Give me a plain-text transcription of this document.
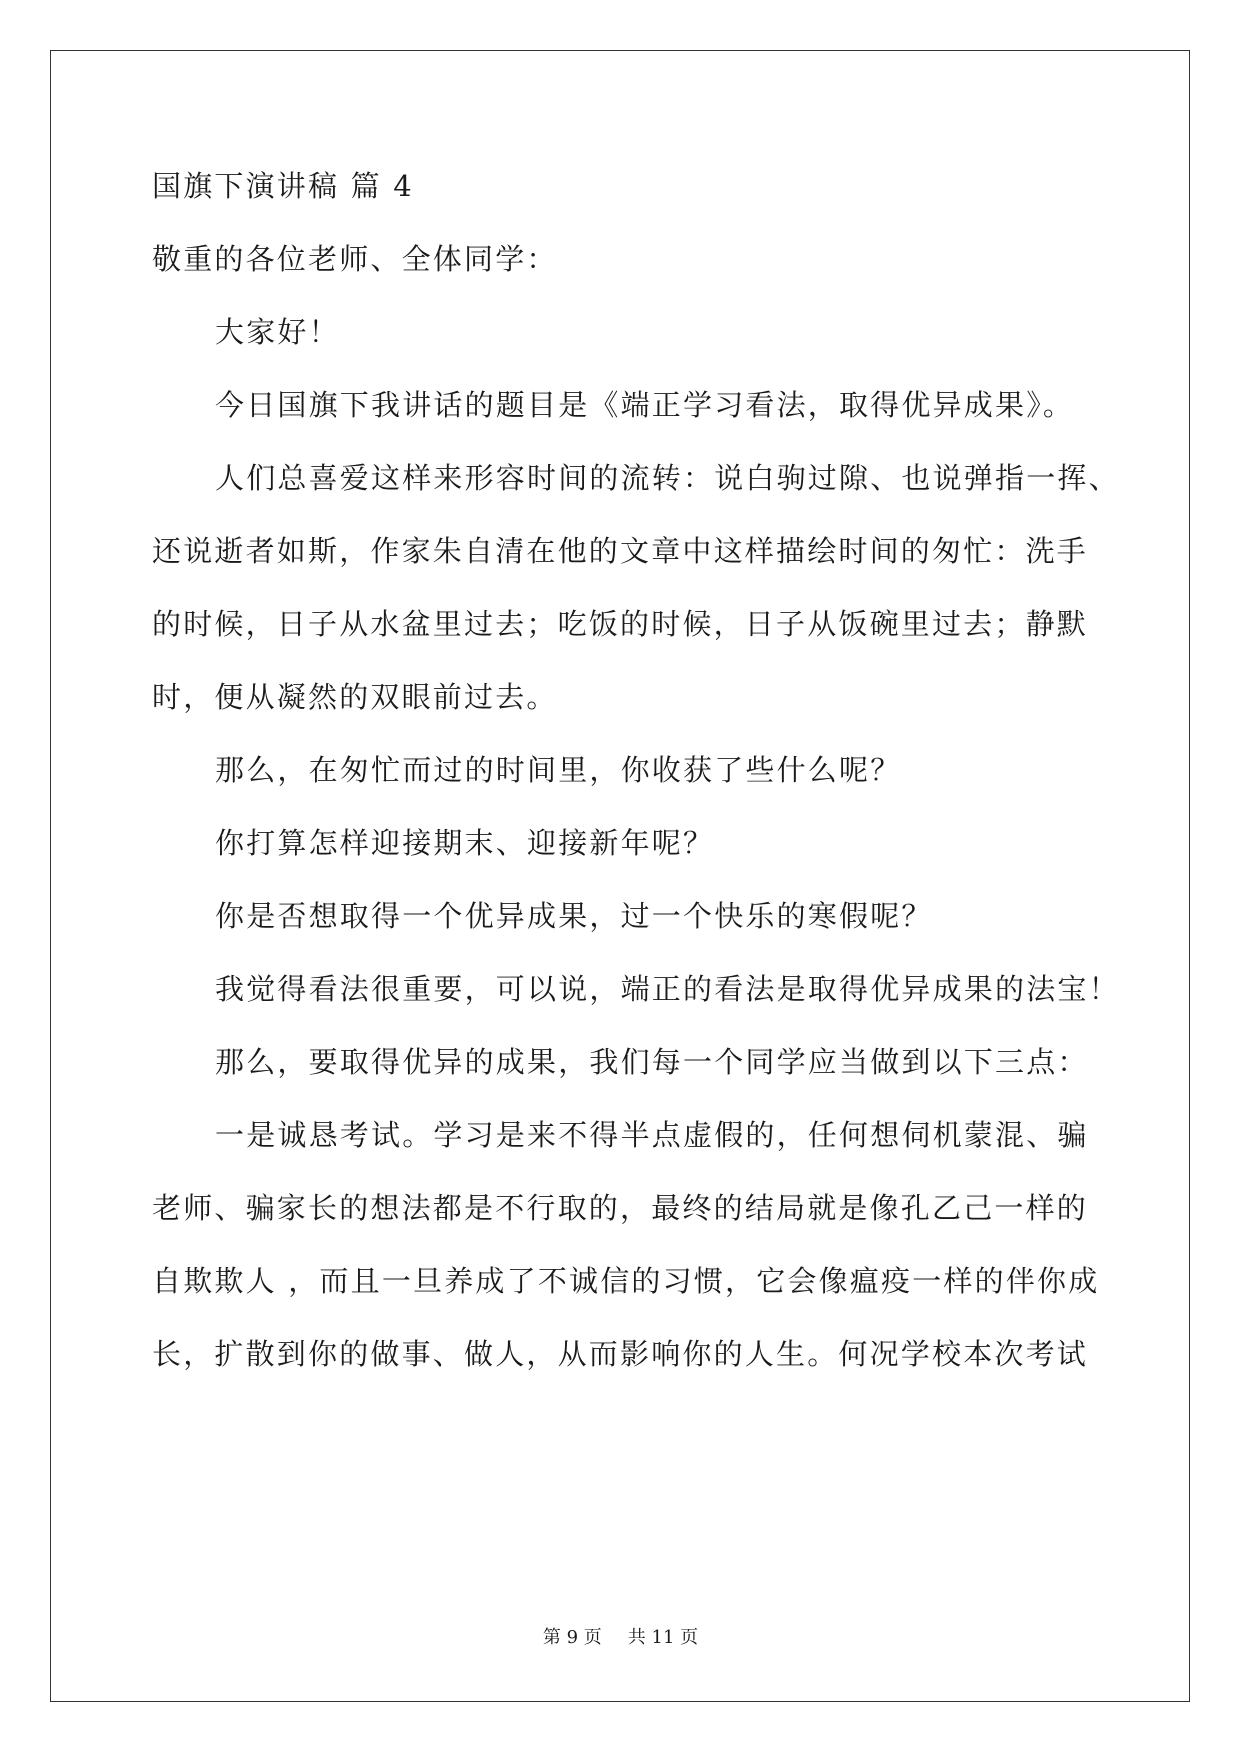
国旗下演讲稿 篇 4
敬重的各位老师、全体同学：
大家好！
今日国旗下我讲话的题目是《端正学习看法，取得优异成果》。
人们总喜爱这样来形容时间的流转：说白驹过隙、也说弹指一挥、
还说逝者如斯，作家朱自清在他的文章中这样描绘时间的匆忙：洗手
的时候，日子从水盆里过去；吃饭的时候，日子从饭碗里过去；静默
时，便从凝然的双眼前过去。
那么，在匆忙而过的时间里，你收获了些什么呢？
你打算怎样迎接期末、迎接新年呢？
你是否想取得一个优异成果，过一个快乐的寒假呢？
我觉得看法很重要，可以说，端正的看法是取得优异成果的法宝！
那么，要取得优异的成果，我们每一个同学应当做到以下三点：
一是诚恳考试。学习是来不得半点虚假的，任何想伺机蒙混、骗
老师、骗家长的想法都是不行取的，最终的结局就是像孔乙己一样的
自欺欺人 ，而且一旦养成了不诚信的习惯，它会像瘟疫一样的伴你成
长，扩散到你的做事、做人，从而影响你的人生。何况学校本次考试
第 9 页 共 11 页
